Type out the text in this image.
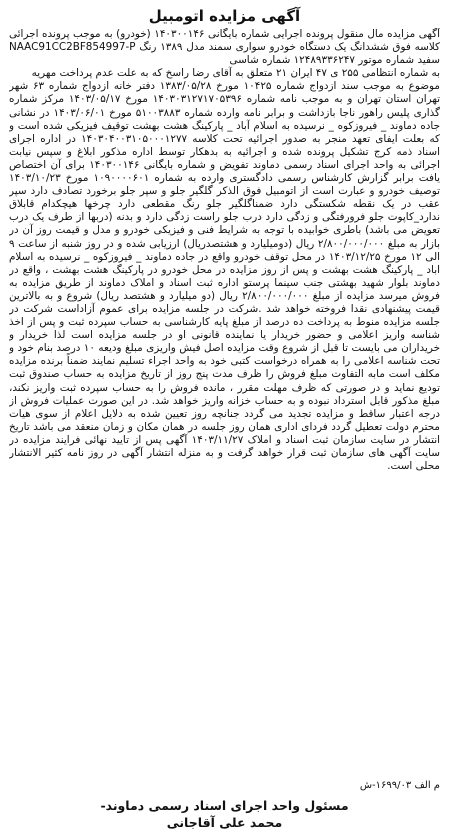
آگهی مزایده اتومبیل

آگهی مزایده مال منقول پرونده اجرایی شماره بایگانی ۱۴۰۳۰۰۱۴۶ (خودرو) به موجب پرونده اجرائی کلاسه فوق ششدانگ یک دستگاه خودرو سواری سمند مدل ۱۳۸۹ رنگ NAAC91CC2BF854997-P سفید شماره موتور ۱۲۴۸۹۳۳۶۲۴۷ شماره شاسی

به شماره انتظامی ۲۵۵ ی ۴۷ ایران ۲۱ متعلق به آقای رضا راسخ که به علت عدم پرداخت مهریه

موضوع به موجب سند ازدواج شماره ۱۰۴۲۵ مورخ ۱۳۸۳/۰۵/۲۸ دفتر خانه ازدواج شماره ۶۳ شهر تهران استان تهران و به موجب نامه شماره ۱۴۰۳۰۳۱۲۷۱۷۰۵۳۹۶ مورخ ۱۴۰۳/۰۵/۱۷ مرکز شماره گذاری پلیس راهور ناجا بازداشت و برابر نامه وارده شماره ۵۱۰۰۳۸۸۳ مورخ ۱۴۰۳/۰۶/۰۱ در نشانی جاده دماوند _ فیروزکوه _ نرسیده به اسلام آباد _ پارکینگ هشت بهشت توقیف فیزیکی شده است و که بعلت ایفای تعهد منجر به صدور اجرائیه تحت کلاسه ۱۴۰۳۰۴۰۰۳۱۰۵۰۰۰۱۲۷۷ در اداره اجرای اسناد ذمه کرج تشکیل پرونده شده و اجرائیه به بدهکار توسط اداره مذکور ابلاغ و سپس نیابت اجرائی به واحد اجرای اسناد رسمی دماوند تفویض و شماره بایگانی ۱۴۰۳۰۰۱۴۶ برای آن اختصاص یافت برابر گزارش کارشناس رسمی دادگستری وارده به شماره ۱۰۹۰۰۰۰۶۰۱ مورخ ۱۴۰۳/۱۰/۲۳ توصیف خودرو و عبارت است از اتومبیل فوق الذکر گلگیر جلو و سپر جلو برخورد تصادف دارد سپر عقب در یک نقطه شکستگی دارد ضمناگلگیر جلو رنگ مقطعی دارد چرخها هیچکدام قابلاق ندارد_کاپوت جلو فرورفتگی و زدگی دارد درب جلو راست زدگی دارد و بدنه (دربها از طرف یک درب تعویض می باشد) باطری خوابیده با توجه به شرایط فنی و فیزیکی خودرو و مدل و قیمت روز آن در بازار به مبلغ ۲/۸۰۰/۰۰۰/۰۰۰ ریال (دومیلیارد و هشتصدریال) ارزیابی شده و در روز شنبه از ساعت ۹ الی ۱۲ مورخ ۱۴۰۳/۱۲/۲۵ در محل توقف خودرو واقع در جاده دماوند _ فیروزکوه _ نرسیده به اسلام اباد _ پارکینگ هشت بهشت و پس از روز مزایده در محل خودرو در پارکینگ هشت بهشت ، واقع در دماوند بلوار شهید بهشتی جنب سینما پرستو اداره ثبت اسناد و املاک دماوند از طریق مزایده به فروش میرسد مزایده از مبلغ ۲/۸۰۰/۰۰۰/۰۰۰ ریال (دو میلیارد و هشتصد ریال) شروع و به بالاترین قیمت پیشنهادی نقدا فروخته خواهد شد .شرکت در جلسه مزایده برای عموم آزاداست شرکت در جلسه مزایده منوط به پرداخت ده درصد از مبلغ پایه کارشناسی به حساب سپرده ثبت و پس از اخذ شناسه واریز اعلامی و حضور خریدار یا نماینده قانونی او در جلسه مزایده است لذا خریدار و خریداران می بایست تا قبل از شروع وقت مزایده اصل فیش واریزی مبلغ ودیعه ۱۰ درصد بنام خود و تحت شناسه اعلامی را به همراه درخواست کتبی خود به واحد اجراء تسلیم نمایند ضمناً برنده مزایده مکلف است مابه التفاوت مبلغ فروش را ظرف مدت پنج روز از تاریخ مزایده به حساب صندوق ثبت تودیع نماید و در صورتی که ظرف مهلت مقرر ، مانده فروش را به حساب سپرده ثبت واریز نکند، مبلغ مذکور قابل استرداد نبوده و به حساب خزانه واریز خواهد شد. در این صورت عملیات فروش از درجه اعتبار ساقط و مزایده تجدید می گردد جنانچه روز تعیین شده به دلایل اعلام از سوی هیات محترم دولت تعطیل گردد فردای اداری همان روز جلسه در همان مکان و زمان منعقد می باشد تاریخ انتشار در سایت سازمان ثبت اسناد و املاک ۱۴۰۳/۱۱/۲۷ آگهی پس از تایید نهائی فرایند مزایده در سایت آگهی های سازمان ثبت قرار خواهد گرفت و به منزله انتشار آگهی در روز نامه کثیر الانتشار محلی است.

م الف ۱۶۹۹/۰۳-ش
مسئول واحد اجرای اسناد رسمی دماوند-
محمد علی آقاجانی
